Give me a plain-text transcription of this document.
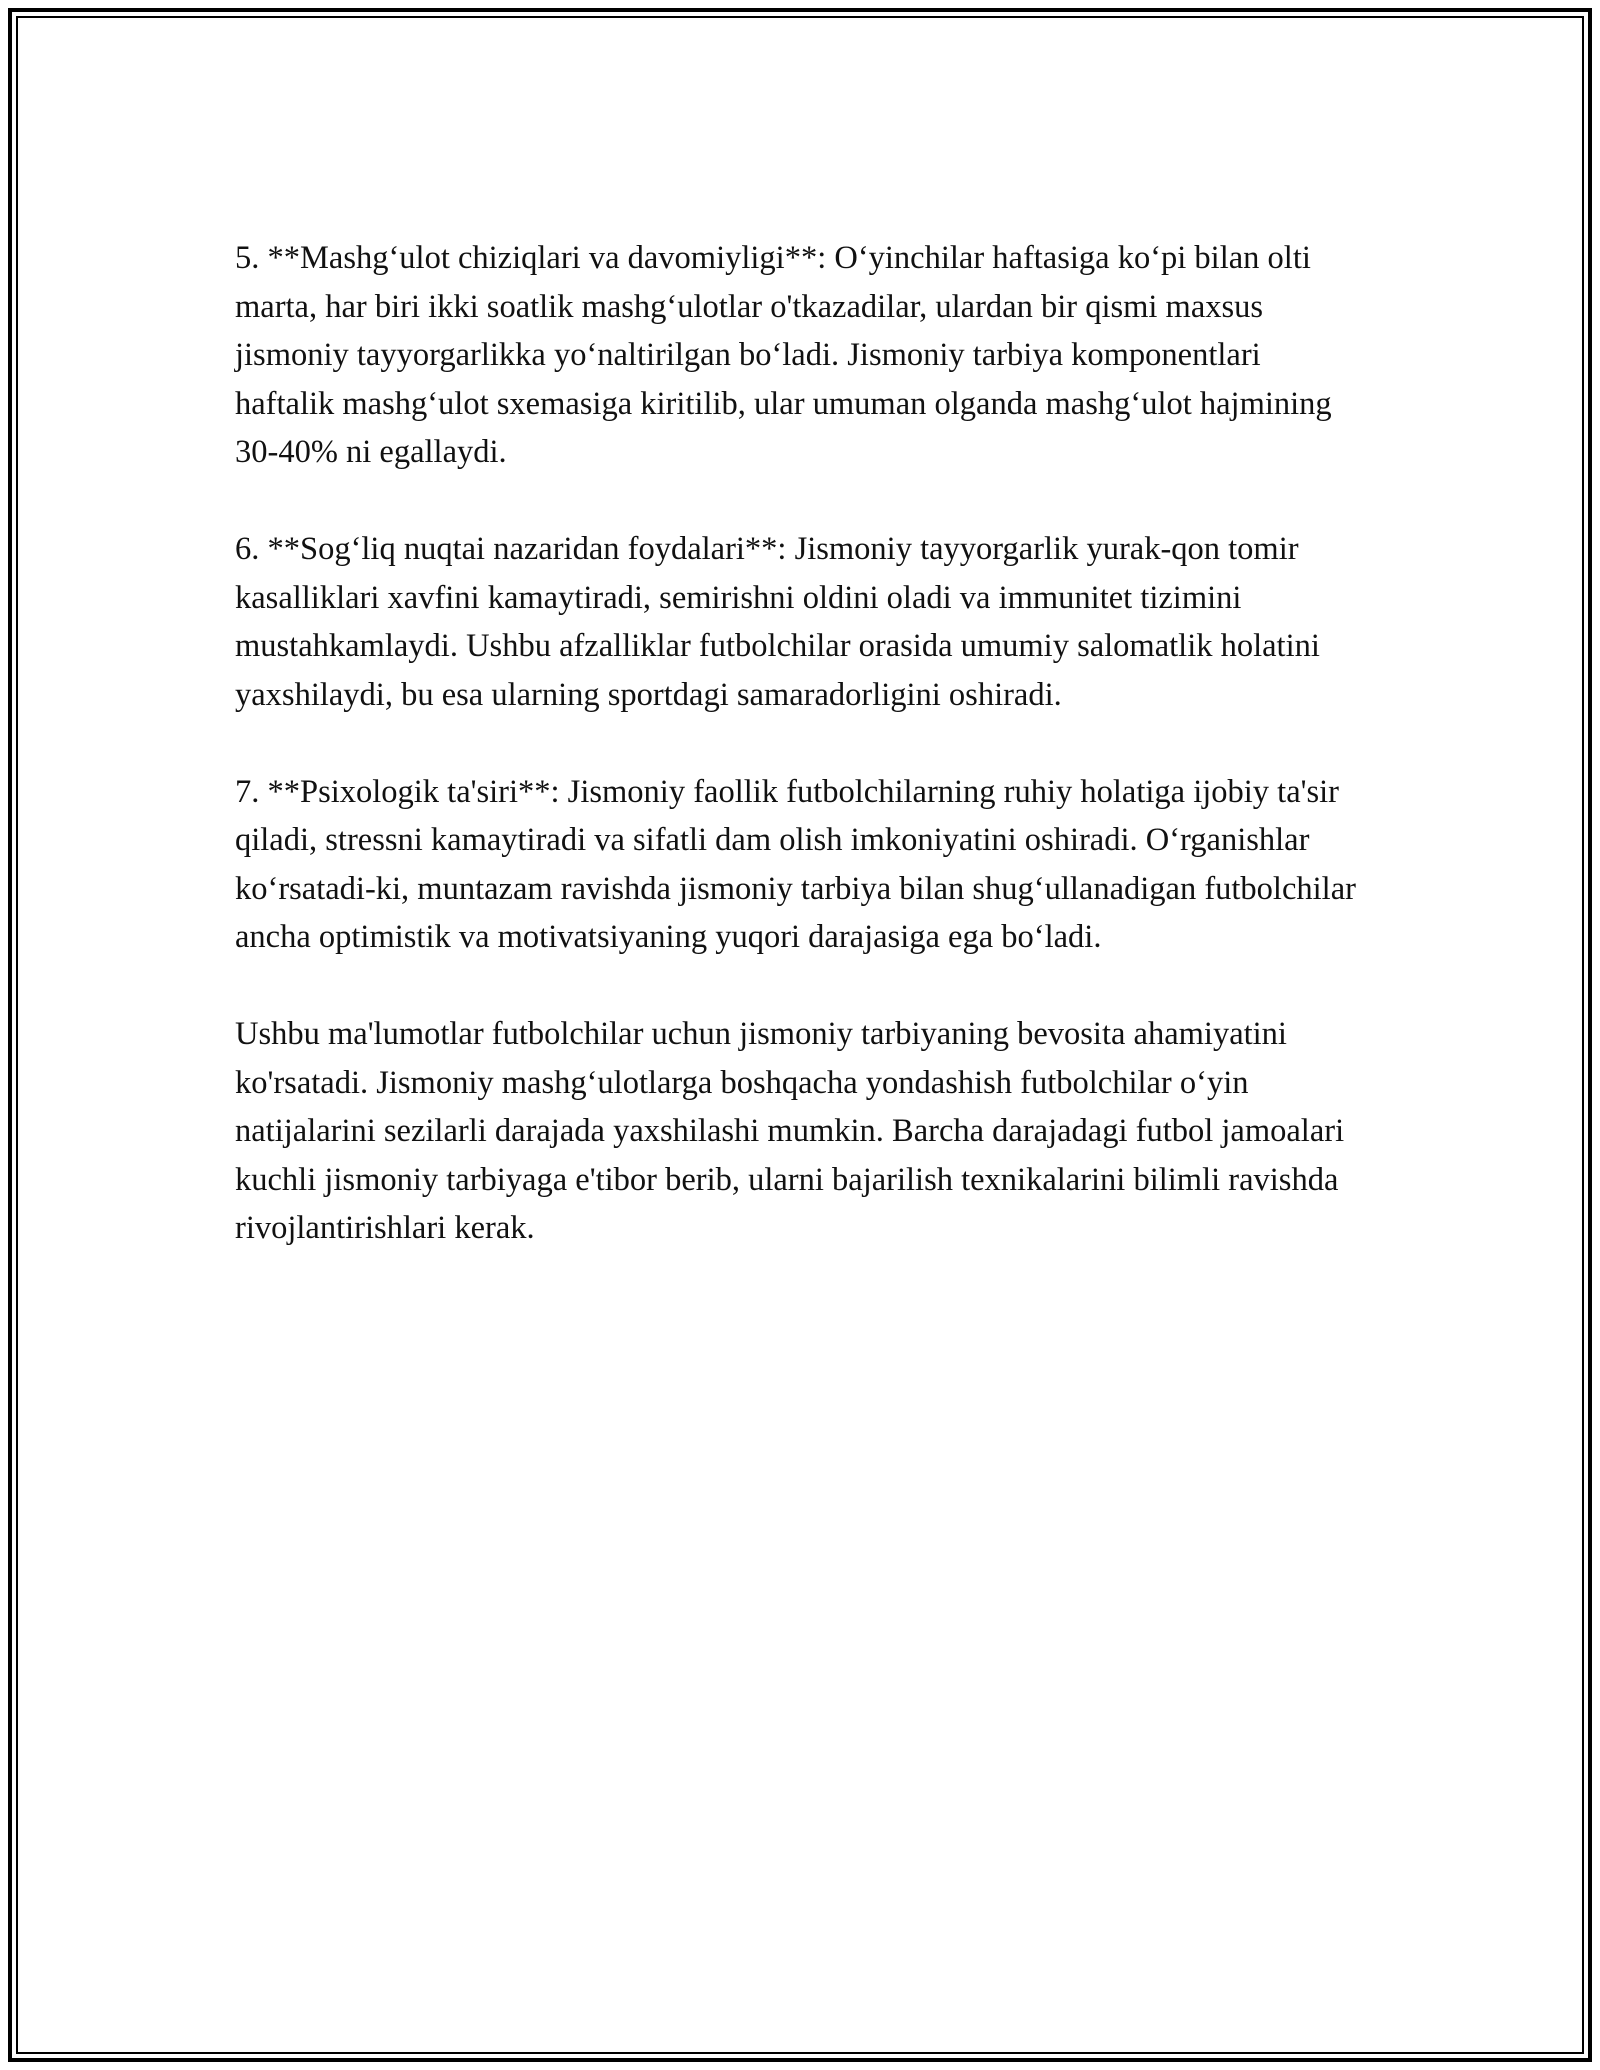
5. **Mashgʻulot chiziqlari va davomiyligi**: Oʻyinchilar haftasiga koʻpi bilan olti marta, har biri ikki soatlik mashgʻulotlar o'tkazadilar, ulardan bir qismi maxsus jismoniy tayyorgarlikka yoʻnaltirilgan boʻladi. Jismoniy tarbiya komponentlari haftalik mashgʻulot sxemasiga kiritilib, ular umuman olganda mashgʻulot hajmining 30-40% ni egallaydi.

6. **Sogʻliq nuqtai nazaridan foydalari**: Jismoniy tayyorgarlik yurak-qon tomir kasalliklari xavfini kamaytiradi, semirishni oldini oladi va immunitet tizimini mustahkamlaydi. Ushbu afzalliklar futbolchilar orasida umumiy salomatlik holatini yaxshilaydi, bu esa ularning sportdagi samaradorligini oshiradi.

7. **Psixologik ta'siri**: Jismoniy faollik futbolchilarning ruhiy holatiga ijobiy ta'sir qiladi, stressni kamaytiradi va sifatli dam olish imkoniyatini oshiradi. Oʻrganishlar koʻrsatadi-ki, muntazam ravishda jismoniy tarbiya bilan shugʻullanadigan futbolchilar ancha optimistik va motivatsiyaning yuqori darajasiga ega boʻladi.

Ushbu ma'lumotlar futbolchilar uchun jismoniy tarbiyaning bevosita ahamiyatini ko'rsatadi. Jismoniy mashgʻulotlarga boshqacha yondashish futbolchilar oʻyin natijalarini sezilarli darajada yaxshilashi mumkin. Barcha darajadagi futbol jamoalari kuchli jismoniy tarbiyaga e'tibor berib, ularni bajarilish texnikalarini bilimli ravishda rivojlantirishlari kerak.
